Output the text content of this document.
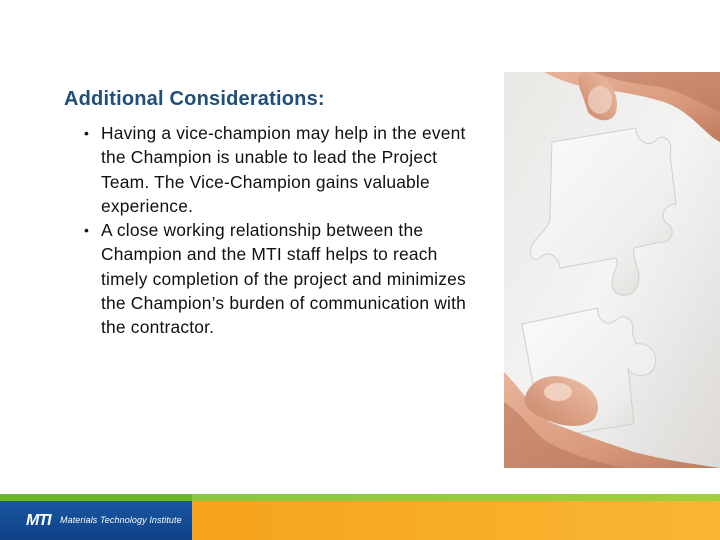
Additional Considerations:
• Having a vice-champion may help in the event the Champion is unable to lead the Project Team. The Vice-Champion gains valuable experience.
• A close working relationship between the Champion and the MTI staff helps to reach timely completion of the project and minimizes the Champion’s burden of communication with the contractor.
MTI	Materials Technology Institute
